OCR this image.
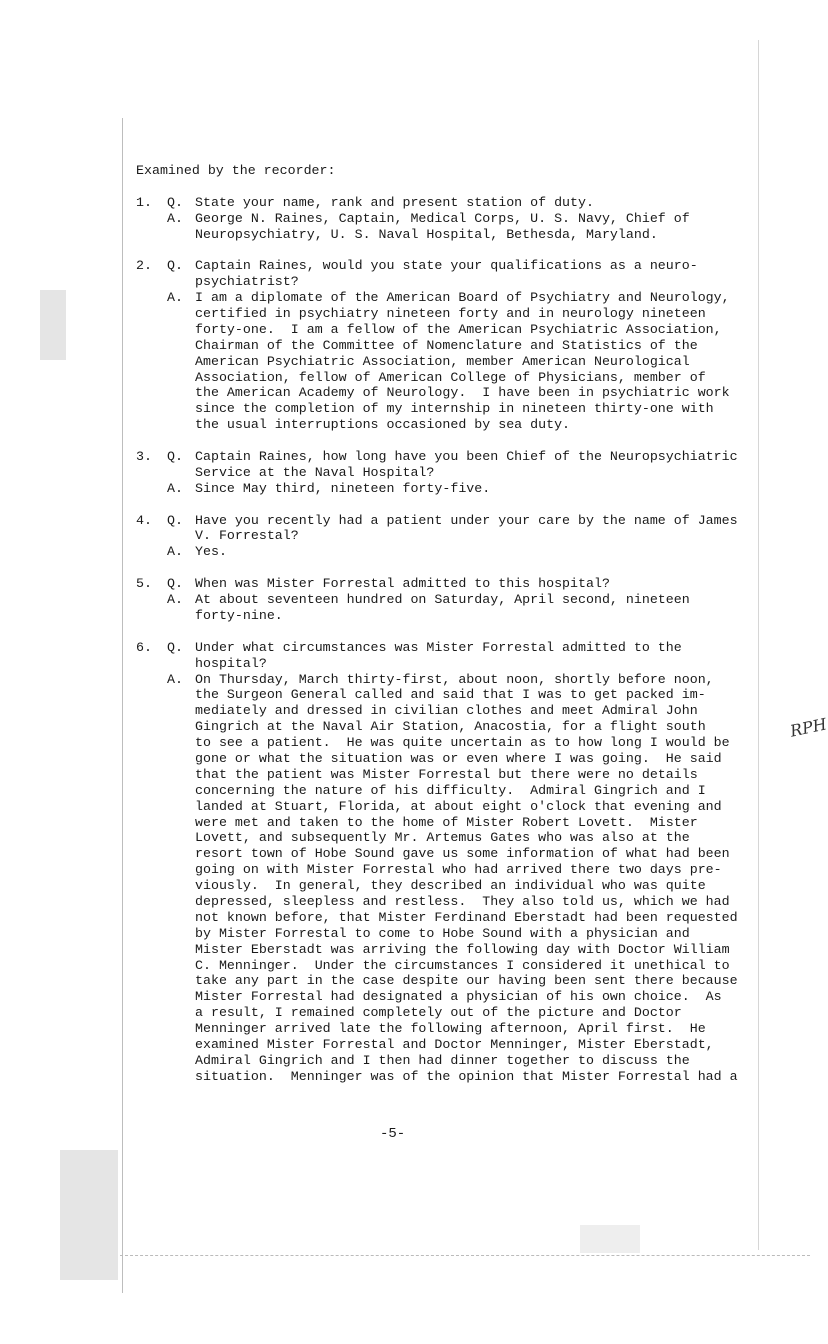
Examined by the recorder:
1. Q. State your name, rank and present station of duty.
A. George N. Raines, Captain, Medical Corps, U. S. Navy, Chief of
Neuropsychiatry, U. S. Naval Hospital, Bethesda, Maryland.
2. Q. Captain Raines, would you state your qualifications as a neuro-
psychiatrist?
A. I am a diplomate of the American Board of Psychiatry and Neurology,
certified in psychiatry nineteen forty and in neurology nineteen
forty-one.  I am a fellow of the American Psychiatric Association,
Chairman of the Committee of Nomenclature and Statistics of the
American Psychiatric Association, member American Neurological
Association, fellow of American College of Physicians, member of
the American Academy of Neurology.  I have been in psychiatric work
since the completion of my internship in nineteen thirty-one with
the usual interruptions occasioned by sea duty.
3. Q. Captain Raines, how long have you been Chief of the Neuropsychiatric
Service at the Naval Hospital?
A. Since May third, nineteen forty-five.
4. Q. Have you recently had a patient under your care by the name of James
V. Forrestal?
A. Yes.
5. Q. When was Mister Forrestal admitted to this hospital?
A. At about seventeen hundred on Saturday, April second, nineteen
forty-nine.
6. Q. Under what circumstances was Mister Forrestal admitted to the
hospital?
A. On Thursday, March thirty-first, about noon, shortly before noon,
the Surgeon General called and said that I was to get packed im-
mediately and dressed in civilian clothes and meet Admiral John
Gingrich at the Naval Air Station, Anacostia, for a flight south
to see a patient.  He was quite uncertain as to how long I would be
gone or what the situation was or even where I was going.  He said
that the patient was Mister Forrestal but there were no details
concerning the nature of his difficulty.  Admiral Gingrich and I
landed at Stuart, Florida, at about eight o'clock that evening and
were met and taken to the home of Mister Robert Lovett.  Mister
Lovett, and subsequently Mr. Artemus Gates who was also at the
resort town of Hobe Sound gave us some information of what had been
going on with Mister Forrestal who had arrived there two days pre-
viously.  In general, they described an individual who was quite
depressed, sleepless and restless.  They also told us, which we had
not known before, that Mister Ferdinand Eberstadt had been requested
by Mister Forrestal to come to Hobe Sound with a physician and
Mister Eberstadt was arriving the following day with Doctor William
C. Menninger.  Under the circumstances I considered it unethical to
take any part in the case despite our having been sent there because
Mister Forrestal had designated a physician of his own choice.  As
a result, I remained completely out of the picture and Doctor
Menninger arrived late the following afternoon, April first.  He
examined Mister Forrestal and Doctor Menninger, Mister Eberstadt,
Admiral Gingrich and I then had dinner together to discuss the
situation.  Menninger was of the opinion that Mister Forrestal had a
-5-
RPH
